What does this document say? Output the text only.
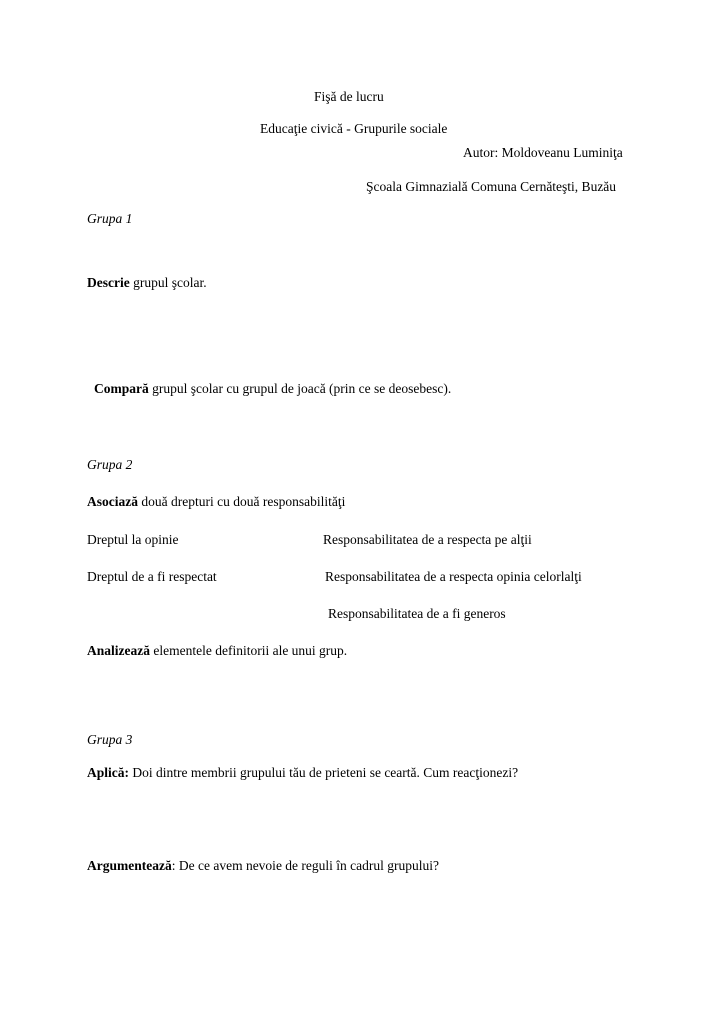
Fişă de lucru
Educaţie civică - Grupurile sociale
Autor: Moldoveanu Luminiţa
Şcoala Gimnazială Comuna Cernăteşti, Buzău
Grupa 1
Descrie grupul şcolar.
Compară grupul şcolar cu grupul de joacă (prin ce se deosebesc).
Grupa 2
Asociază două drepturi cu două responsabilităţi
Dreptul la opinie	Responsabilitatea de a respecta pe alţii
Dreptul de a fi respectat	Responsabilitatea de a respecta opinia celorlalţi
Responsabilitatea de a fi generos
Analizează elementele definitorii ale unui grup.
Grupa 3
Aplică: Doi dintre membrii grupului tău de prieteni se ceartă. Cum reacţionezi?
Argumentează: De ce avem nevoie de reguli în cadrul grupului?
